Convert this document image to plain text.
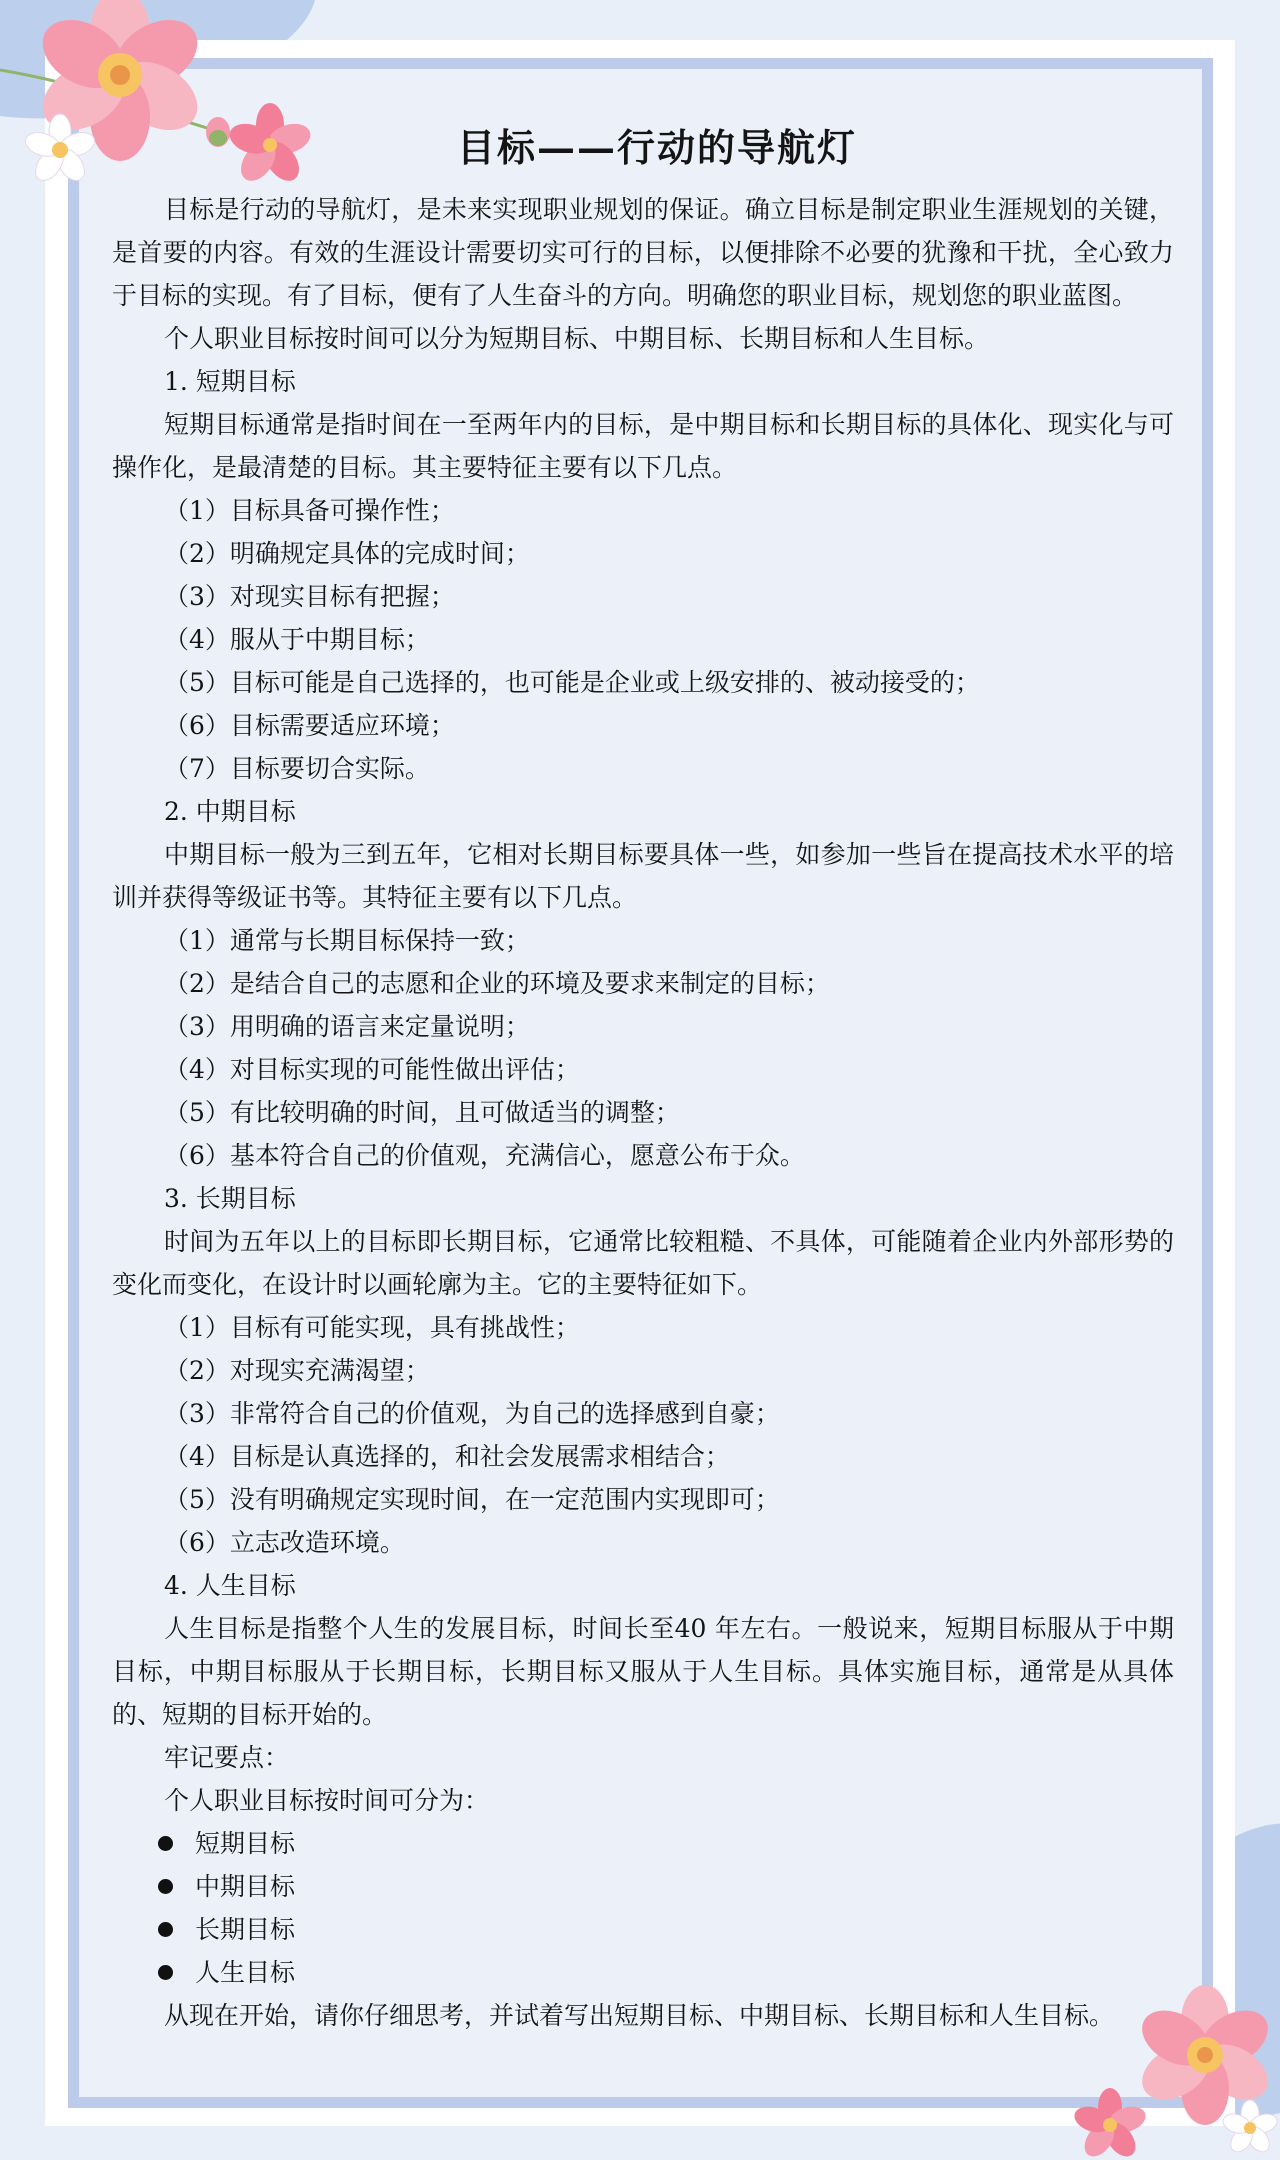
目标——行动的导航灯

目标是行动的导航灯，是未来实现职业规划的保证。确立目标是制定职业生涯规划的关键，是首要的内容。有效的生涯设计需要切实可行的目标，以便排除不必要的犹豫和干扰，全心致力于目标的实现。有了目标，便有了人生奋斗的方向。明确您的职业目标，规划您的职业蓝图。

个人职业目标按时间可以分为短期目标、中期目标、长期目标和人生目标。

1. 短期目标

短期目标通常是指时间在一至两年内的目标，是中期目标和长期目标的具体化、现实化与可操作化，是最清楚的目标。其主要特征主要有以下几点。

（1）目标具备可操作性；

（2）明确规定具体的完成时间；

（3）对现实目标有把握；

（4）服从于中期目标；

（5）目标可能是自己选择的，也可能是企业或上级安排的、被动接受的；

（6）目标需要适应环境；

（7）目标要切合实际。

2. 中期目标

中期目标一般为三到五年，它相对长期目标要具体一些，如参加一些旨在提高技术水平的培训并获得等级证书等。其特征主要有以下几点。

（1）通常与长期目标保持一致；

（2）是结合自己的志愿和企业的环境及要求来制定的目标；

（3）用明确的语言来定量说明；

（4）对目标实现的可能性做出评估；

（5）有比较明确的时间，且可做适当的调整；

（6）基本符合自己的价值观，充满信心，愿意公布于众。

3. 长期目标

时间为五年以上的目标即长期目标，它通常比较粗糙、不具体，可能随着企业内外部形势的变化而变化，在设计时以画轮廓为主。它的主要特征如下。

（1）目标有可能实现，具有挑战性；

（2）对现实充满渴望；

（3）非常符合自己的价值观，为自己的选择感到自豪；

（4）目标是认真选择的，和社会发展需求相结合；

（5）没有明确规定实现时间，在一定范围内实现即可；

（6）立志改造环境。

4. 人生目标

人生目标是指整个人生的发展目标，时间长至40 年左右。一般说来，短期目标服从于中期目标，中期目标服从于长期目标，长期目标又服从于人生目标。具体实施目标，通常是从具体的、短期的目标开始的。

牢记要点：

个人职业目标按时间可分为：

短期目标
中期目标
长期目标
人生目标

从现在开始，请你仔细思考，并试着写出短期目标、中期目标、长期目标和人生目标。
